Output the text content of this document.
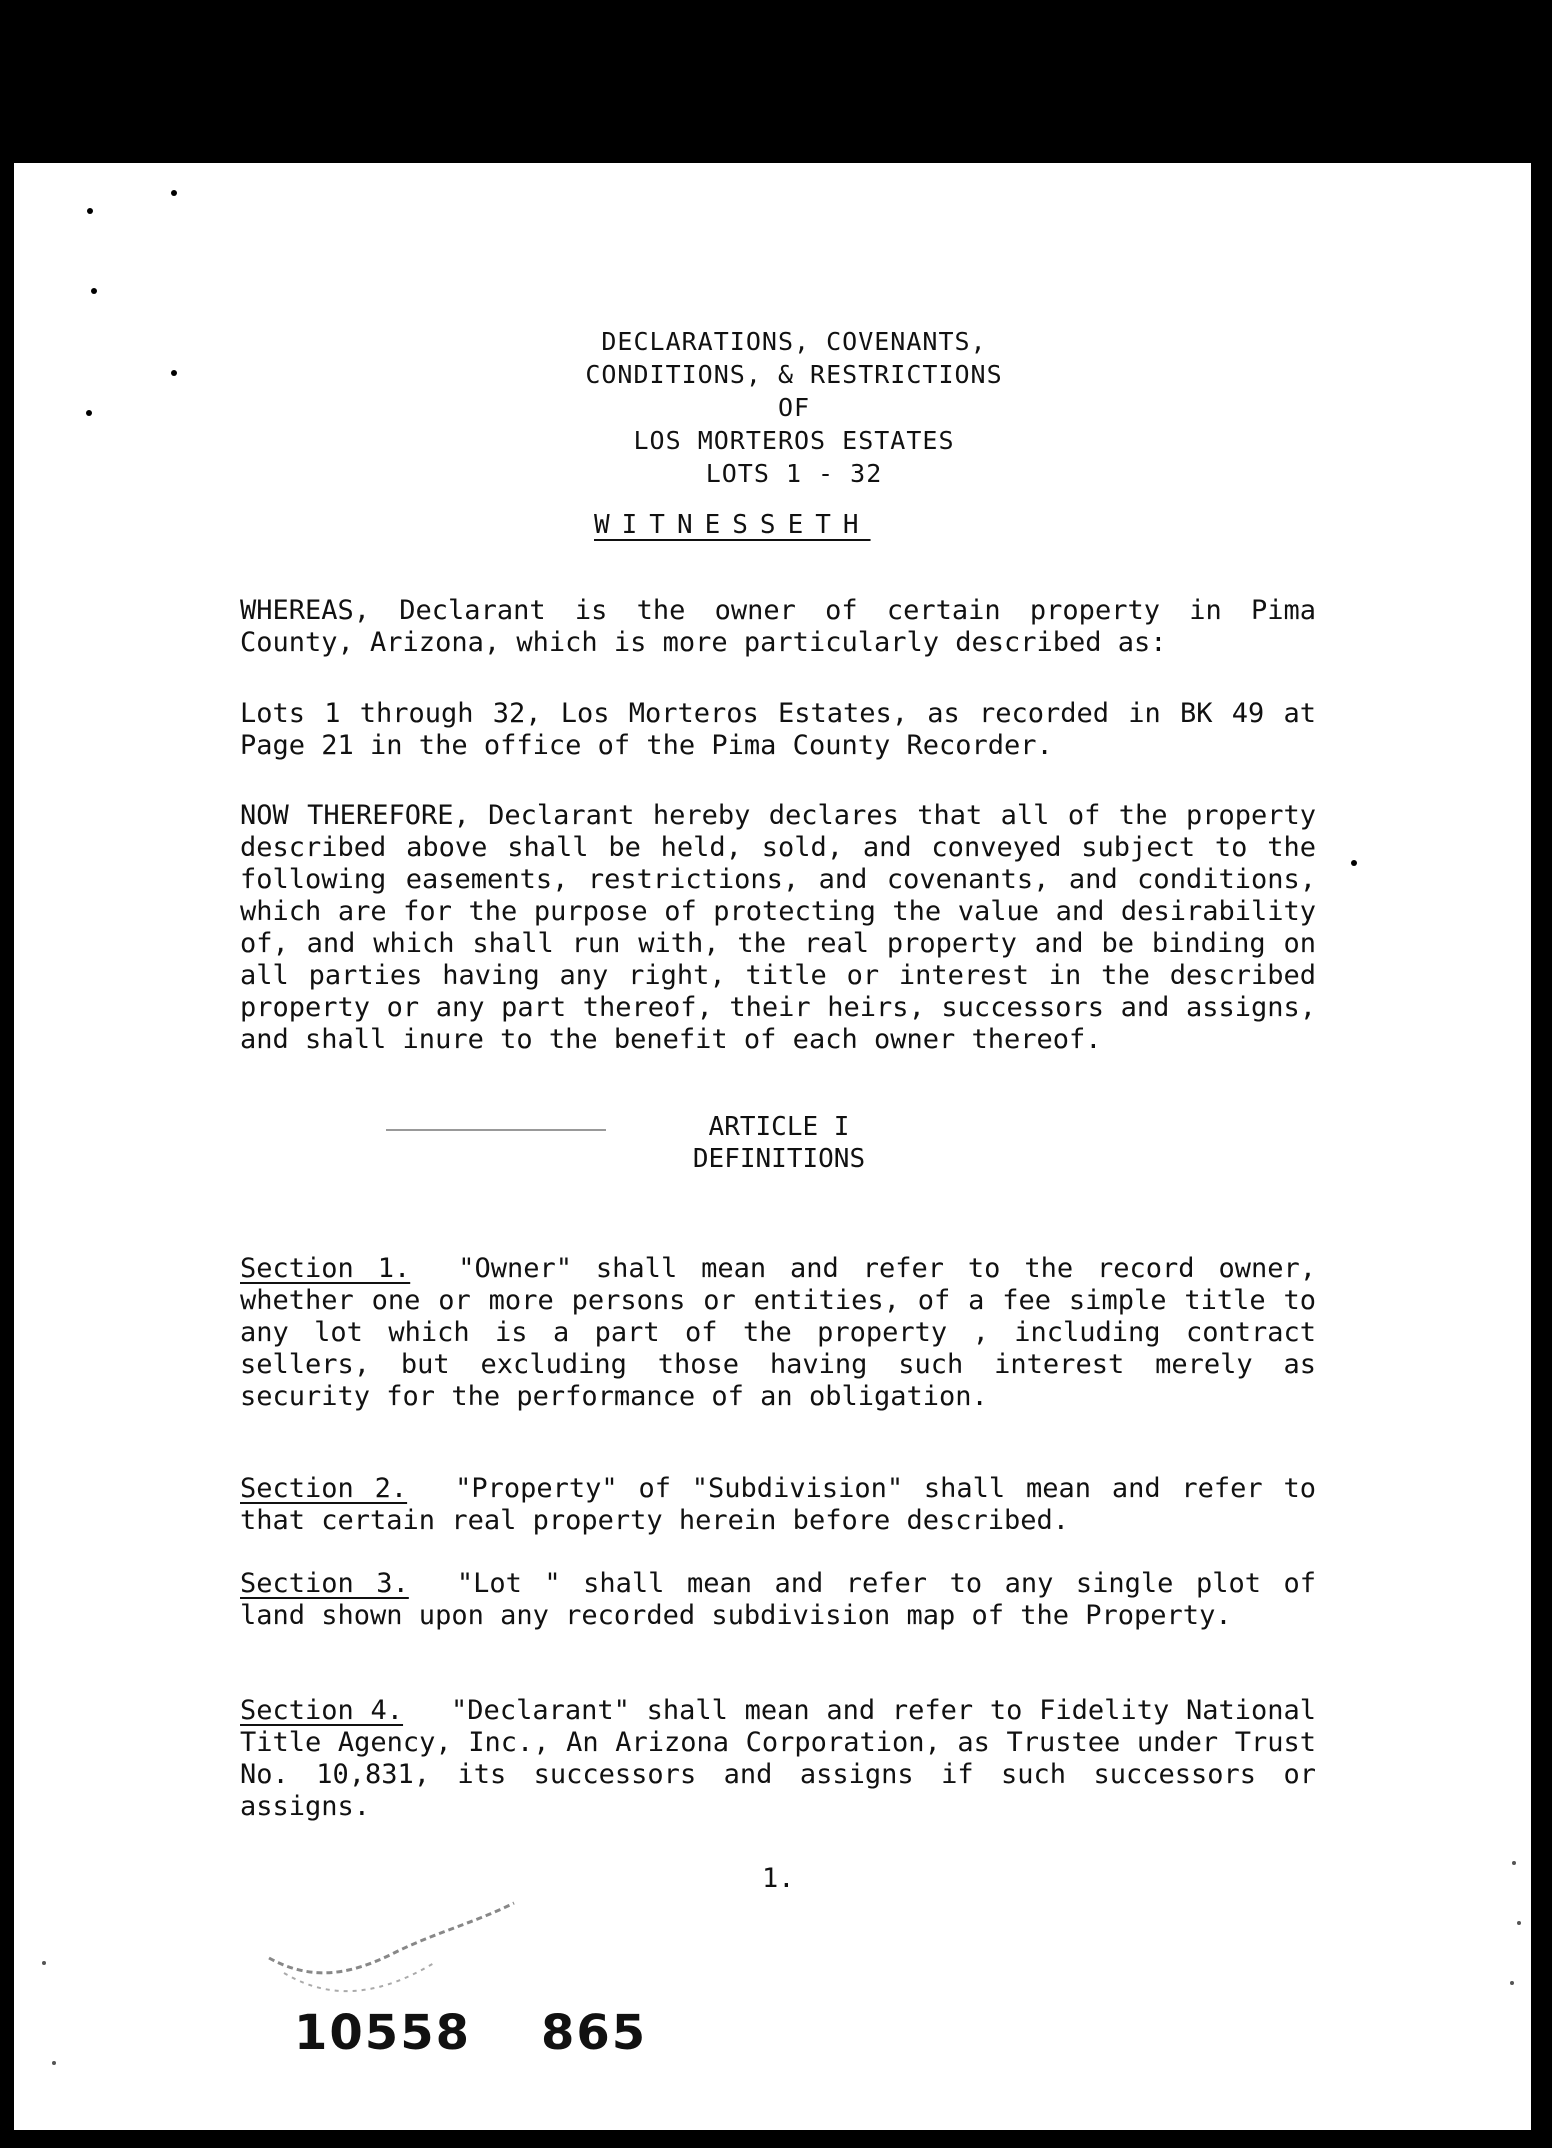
DECLARATIONS, COVENANTS,
CONDITIONS, & RESTRICTIONS
OF
LOS MORTEROS ESTATES
LOTS 1 - 32
WITNESSETH

WHEREAS, Declarant is the owner of certain property in Pima County, Arizona, which is more particularly described as:

Lots 1 through 32, Los Morteros Estates, as recorded in BK 49 at Page 21 in the office of the Pima County Recorder.

NOW THEREFORE, Declarant hereby declares that all of the property described above shall be held, sold, and conveyed subject to the following easements, restrictions, and covenants, and conditions, which are for the purpose of protecting the value and desirability of, and which shall run with, the real property and be binding on all parties having any right, title or interest in the described property or any part thereof, their heirs, successors and assigns, and shall inure to the benefit of each owner thereof.

ARTICLE I
DEFINITIONS

Section 1. "Owner" shall mean and refer to the record owner, whether one or more persons or entities, of a fee simple title to any lot which is a part of the property , including contract sellers, but excluding those having such interest merely as security for the performance of an obligation.

Section 2. "Property" of "Subdivision" shall mean and refer to that certain real property herein before described.

Section 3. "Lot " shall mean and refer to any single plot of land shown upon any recorded subdivision map of the Property.

Section 4. "Declarant" shall mean and refer to Fidelity National Title Agency, Inc., An Arizona Corporation, as Trustee under Trust No. 10,831, its successors and assigns if such successors or assigns.

1.
10558 865
